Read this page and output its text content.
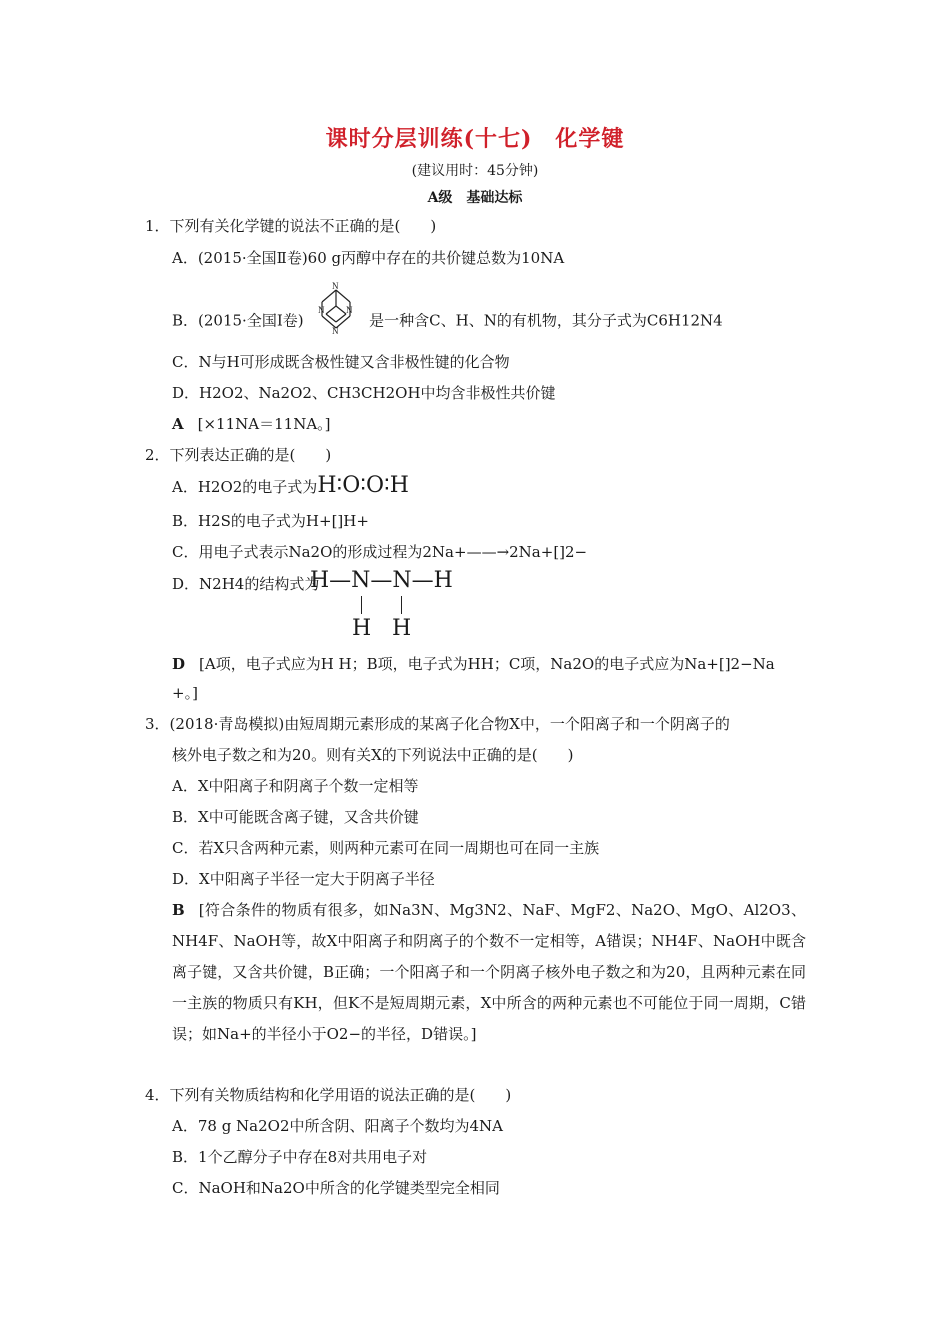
课时分层训练(十七)　化学键
(建议用时：45分钟)
A级　基础达标
1．下列有关化学键的说法不正确的是(　　)
A．(2015·全国Ⅱ卷)60 g丙醇中存在的共价键总数为10NA
B．(2015·全国Ⅰ卷)
N
N N
N
是一种含C、H、N的有机物，其分子式为C6H12N4
C．N与H可形成既含极性键又含非极性键的化合物
D．H2O2、Na2O2、CH3CH2OH中均含非极性共价键
A [×11NA＝11NA。]
2．下列表达正确的是(　　)
A．H2O2的电子式为H∶O∶O∶H
B．H2S的电子式为H+[]H+
C．用电子式表示Na2O的形成过程为2Na+——→2Na+[]2−
D．N2H4的结构式为
H—N—N—H
H H
D [A项，电子式应为H H；B项，电子式为HH；C项，Na2O的电子式应为Na+[]2−Na
+。]
3．(2018·青岛模拟)由短周期元素形成的某离子化合物X中，一个阳离子和一个阴离子的
核外电子数之和为20。则有关X的下列说法中正确的是(　　)
A．X中阳离子和阴离子个数一定相等
B．X中可能既含离子键，又含共价键
C．若X只含两种元素，则两种元素可在同一周期也可在同一主族
D．X中阳离子半径一定大于阴离子半径
B [符合条件的物质有很多，如Na3N、Mg3N2、NaF、MgF2、Na2O、MgO、Al2O3、NH4F、NaOH等，故X中阳离子和阴离子的个数不一定相等，A错误；NH4F、NaOH中既含离子键，又含共价键，B正确；一个阳离子和一个阴离子核外电子数之和为20，且两种元素在同一主族的物质只有KH，但K不是短周期元素，X中所含的两种元素也不可能位于同一周期，C错误；如Na+的半径小于O2−的半径，D错误。]
4．下列有关物质结构和化学用语的说法正确的是(　　)
A．78 g Na2O2中所含阴、阳离子个数均为4NA
B．1个乙醇分子中存在8对共用电子对
C．NaOH和Na2O中所含的化学键类型完全相同
